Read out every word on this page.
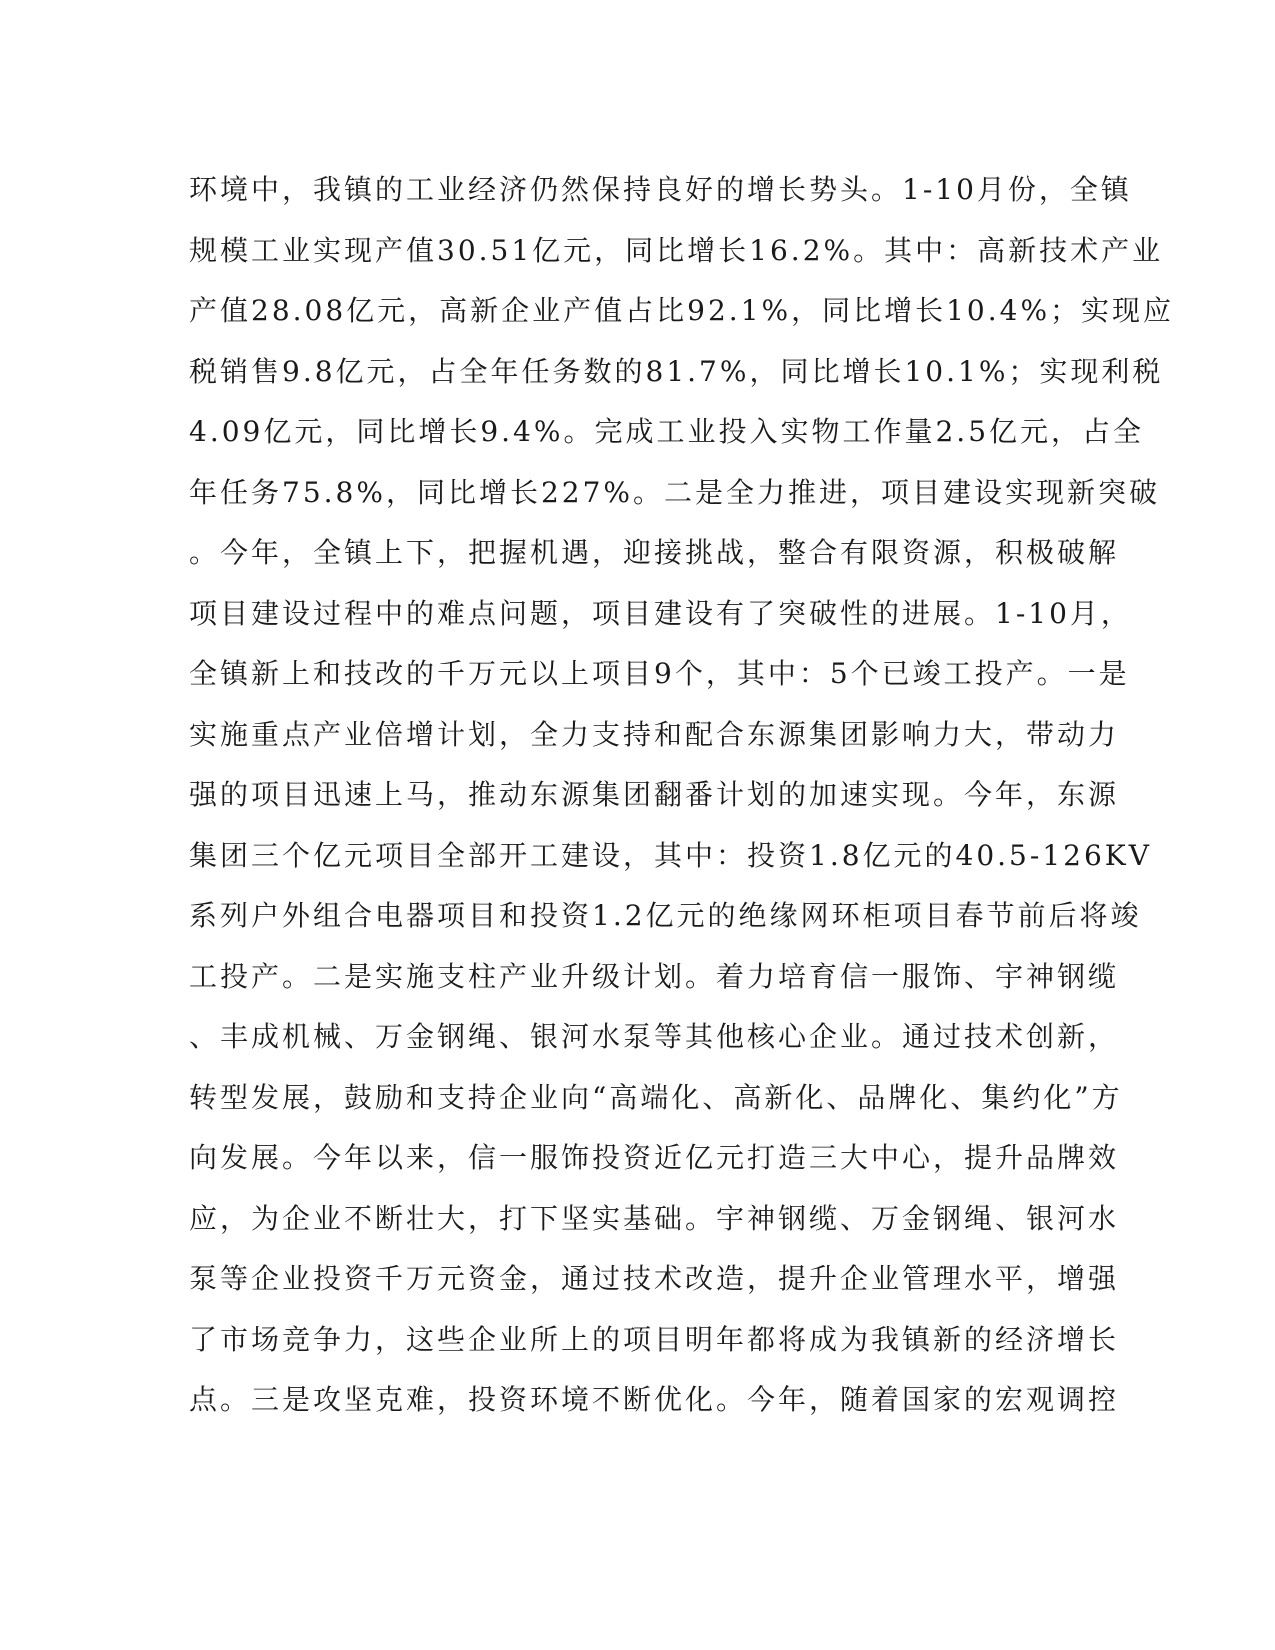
环境中，我镇的工业经济仍然保持良好的增长势头。1-10月份，全镇
规模工业实现产值30.51亿元，同比增长16.2%。其中：高新技术产业
产值28.08亿元，高新企业产值占比92.1%，同比增长10.4%；实现应
税销售9.8亿元，占全年任务数的81.7%，同比增长10.1%；实现利税
4.09亿元，同比增长9.4%。完成工业投入实物工作量2.5亿元，占全
年任务75.8%，同比增长227%。二是全力推进，项目建设实现新突破
。今年，全镇上下，把握机遇，迎接挑战，整合有限资源，积极破解
项目建设过程中的难点问题，项目建设有了突破性的进展。1-10月，
全镇新上和技改的千万元以上项目9个，其中：5个已竣工投产。一是
实施重点产业倍增计划，全力支持和配合东源集团影响力大，带动力
强的项目迅速上马，推动东源集团翻番计划的加速实现。今年，东源
集团三个亿元项目全部开工建设，其中：投资1.8亿元的40.5-126KV
系列户外组合电器项目和投资1.2亿元的绝缘网环柜项目春节前后将竣
工投产。二是实施支柱产业升级计划。着力培育信一服饰、宇神钢缆
、丰成机械、万金钢绳、银河水泵等其他核心企业。通过技术创新，
转型发展，鼓励和支持企业向“高端化、高新化、品牌化、集约化”方
向发展。今年以来，信一服饰投资近亿元打造三大中心，提升品牌效
应，为企业不断壮大，打下坚实基础。宇神钢缆、万金钢绳、银河水
泵等企业投资千万元资金，通过技术改造，提升企业管理水平，增强
了市场竞争力，这些企业所上的项目明年都将成为我镇新的经济增长
点。三是攻坚克难，投资环境不断优化。今年，随着国家的宏观调控
